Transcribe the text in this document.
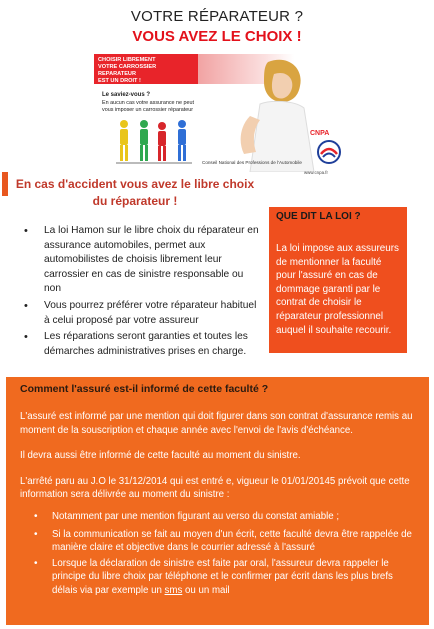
VOTRE RÉPARATEUR ?
VOUS AVEZ LE CHOIX !
CHOISIR LIBREMENT
VOTRE CARROSSIER REPARATEUR
EST UN DROIT !
Le saviez-vous ?
En aucun cas votre assurance ne peut vous imposer un carrossier réparateur
CNPA
Conseil National des Professions de l'Automobile
www.cnpa.fr
En cas d'accident vous avez le libre choix du réparateur !
• La loi Hamon sur le libre choix du réparateur en assurance automobiles, permet aux automobilistes de choisis librement leur carrossier en cas de sinistre responsable ou non
• Vous pourrez préférer votre réparateur habituel à celui proposé par votre assureur
• Les réparations seront garanties et toutes les démarches administratives prises en charge.
QUE DIT LA LOI ?
La loi impose aux assureurs de mentionner la faculté pour l'assuré en cas de dommage garanti par le contrat de choisir le réparateur professionnel auquel il souhaite recourir.
Comment l'assuré est-il informé de cette faculté ?

L'assuré est informé par une mention qui doit figurer dans son contrat d'assurance remis au moment de la souscription et chaque année avec l'envoi de l'avis d'échéance.

Il devra aussi être informé de cette faculté au moment du sinistre.

L'arrêté paru au J.O le 31/12/2014 qui est entré e, vigueur le 01/01/20145 prévoit que cette information sera délivrée au moment du sinistre :

• Notamment par une mention figurant au verso du constat amiable ;
• Si la communication se fait au moyen d'un écrit, cette faculté devra être rappelée de manière claire et objective dans le courrier adressé à l'assuré
• Lorsque la déclaration de sinistre est faite par oral, l'assureur devra rappeler le principe du libre choix par téléphone et le confirmer par écrit dans les plus brefs délais via par exemple un sms ou un mail
